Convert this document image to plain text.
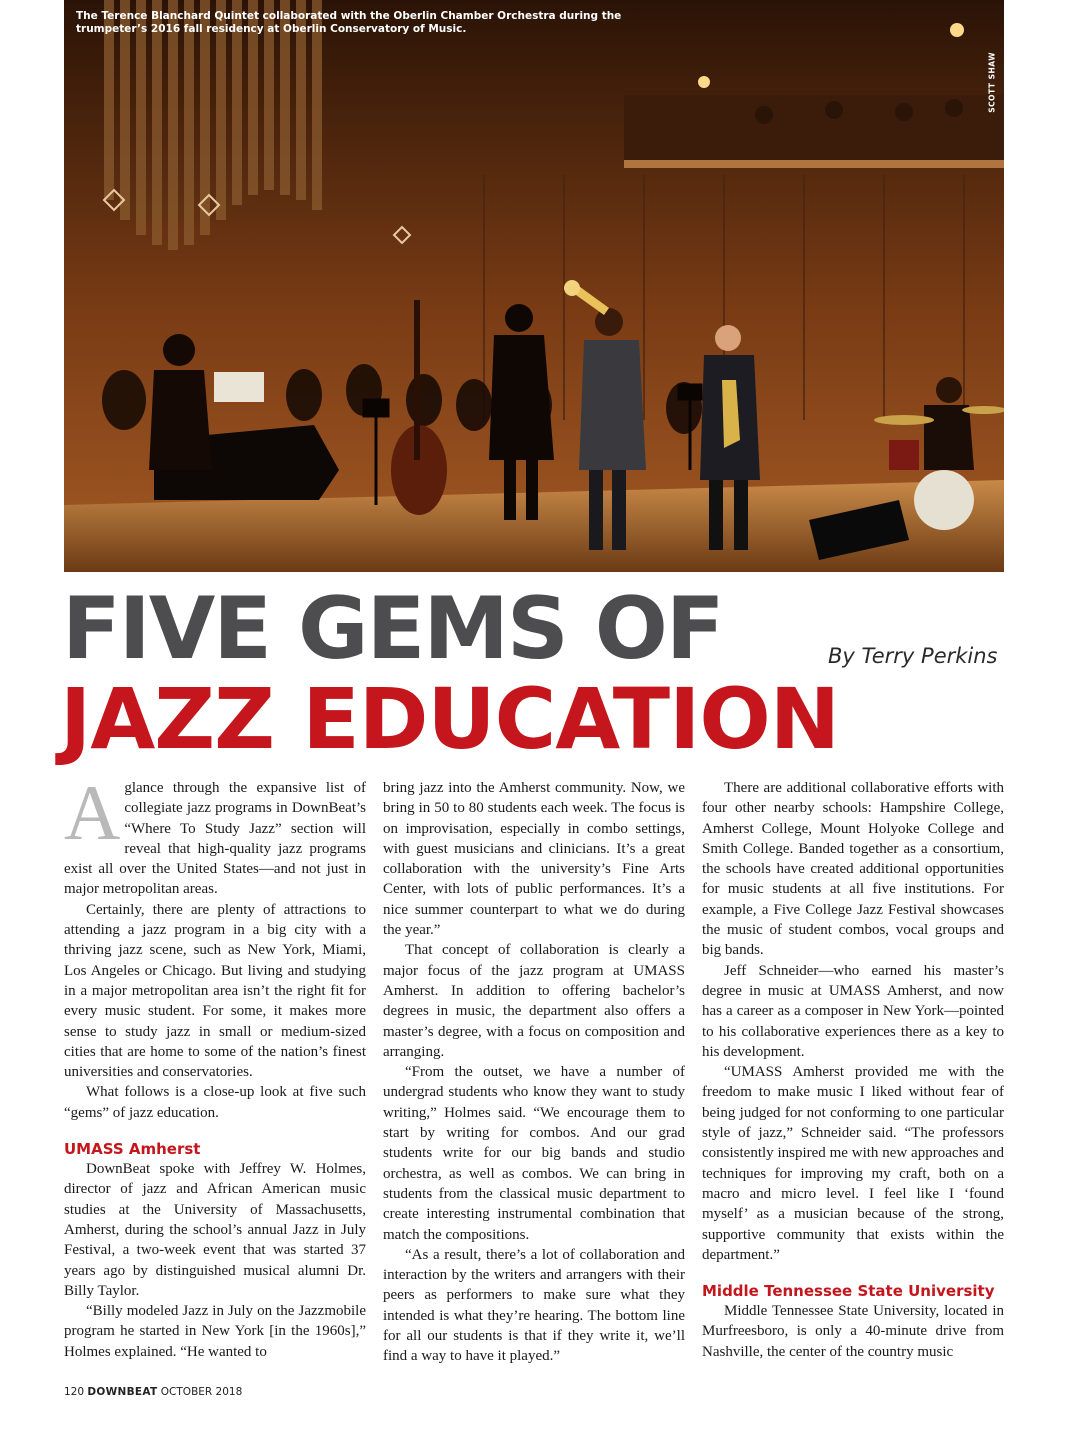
The Terence Blanchard Quintet collaborated with the Oberlin Chamber Orchestra during the trumpeter’s 2016 fall residency at Oberlin Conservatory of Music.
SCOTT SHAW
FIVE GEMS OF	By Terry Perkins
JAZZ EDUCATION

Aglance through the expansive list of collegiate jazz programs in DownBeat’s “Where To Study Jazz” section will reveal that high-quality jazz programs exist all over the United States—and not just in major metropolitan areas.

Certainly, there are plenty of attractions to attending a jazz program in a big city with a thriving jazz scene, such as New York, Miami, Los Angeles or Chicago. But living and studying in a major metropolitan area isn’t the right fit for every music student. For some, it makes more sense to study jazz in small or medium-sized cities that are home to some of the nation’s finest universities and conservatories.

What follows is a close-up look at five such “gems” of jazz education.

UMASS Amherst

DownBeat spoke with Jeffrey W. Holmes, director of jazz and African American music studies at the University of Massachusetts, Amherst, during the school’s annual Jazz in July Festival, a two-week event that was started 37 years ago by distinguished musical alumni Dr. Billy Taylor.

“Billy modeled Jazz in July on the Jazzmobile program he started in New York [in the 1960s],” Holmes explained. “He wanted to

bring jazz into the Amherst community. Now, we bring in 50 to 80 students each week. The focus is on improvisation, especially in combo settings, with guest musicians and clinicians. It’s a great collaboration with the university’s Fine Arts Center, with lots of public performances. It’s a nice summer counterpart to what we do during the year.”

That concept of collaboration is clearly a major focus of the jazz program at UMASS Amherst. In addition to offering bachelor’s degrees in music, the department also offers a master’s degree, with a focus on composition and arranging.

“From the outset, we have a number of undergrad students who know they want to study writing,” Holmes said. “We encourage them to start by writing for combos. And our grad students write for our big bands and studio orchestra, as well as combos. We can bring in students from the classical music department to create interesting instrumental combination that match the compositions.

“As a result, there’s a lot of collaboration and interaction by the writers and arrangers with their peers as performers to make sure what they intended is what they’re hearing. The bottom line for all our students is that if they write it, we’ll find a way to have it played.”

There are additional collaborative efforts with four other nearby schools: Hampshire College, Amherst College, Mount Holyoke College and Smith College. Banded together as a consortium, the schools have created additional opportunities for music students at all five institutions. For example, a Five College Jazz Festival showcases the music of student combos, vocal groups and big bands.

Jeff Schneider—who earned his master’s degree in music at UMASS Amherst, and now has a career as a composer in New York—pointed to his collaborative experiences there as a key to his development.

“UMASS Amherst provided me with the freedom to make music I liked without fear of being judged for not conforming to one particular style of jazz,” Schneider said. “The professors consistently inspired me with new approaches and techniques for improving my craft, both on a macro and micro level. I feel like I ‘found myself’ as a musician because of the strong, supportive community that exists within the department.”

Middle Tennessee State University

Middle Tennessee State University, located in Murfreesboro, is only a 40-minute drive from Nashville, the center of the country music

120 DOWNBEAT OCTOBER 2018
